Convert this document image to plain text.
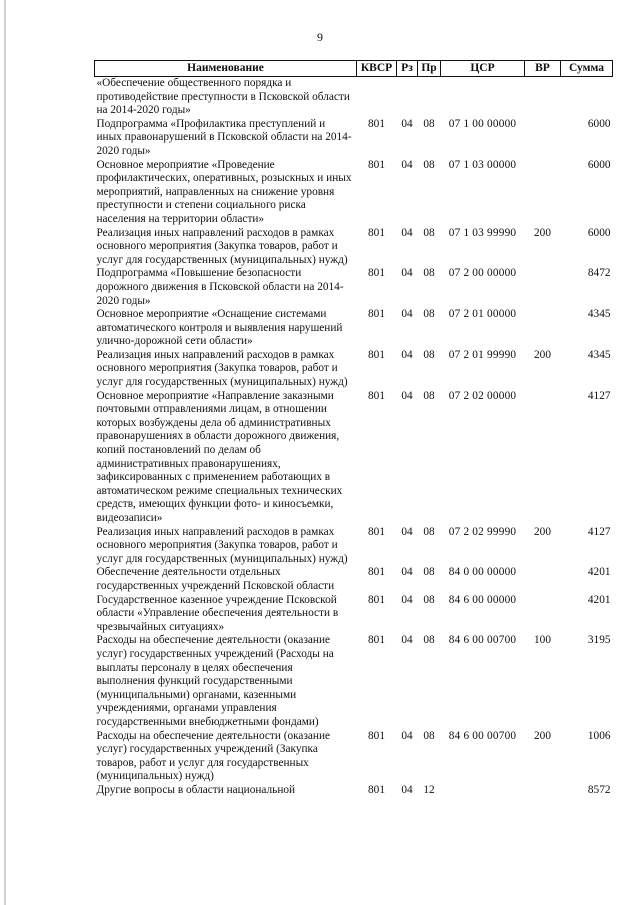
9
Наименование	КВСР	Рз	Пр	ЦСР	ВР	Сумма
«Обеспечение общественного порядка и противодействие преступности в Псковской области на 2014-2020 годы»						
Подпрограмма «Профилактика преступлений и иных правонарушений в Псковской области на 2014-2020 годы»	801	04	08	07 1 00 00000		6000
Основное мероприятие «Проведение профилактических, оперативных, розыскных и иных мероприятий, направленных на снижение уровня преступности и степени социального риска населения на территории области»	801	04	08	07 1 03 00000		6000
Реализация иных направлений расходов в рамках основного мероприятия (Закупка товаров, работ и услуг для государственных (муниципальных) нужд)	801	04	08	07 1 03 99990	200	6000
Подпрограмма «Повышение безопасности дорожного движения в Псковской области на 2014-2020 годы»	801	04	08	07 2 00 00000		8472
Основное мероприятие «Оснащение системами автоматического контроля и выявления нарушений улично-дорожной сети области»	801	04	08	07 2 01 00000		4345
Реализация иных направлений расходов в рамках основного мероприятия (Закупка товаров, работ и услуг для государственных (муниципальных) нужд)	801	04	08	07 2 01 99990	200	4345
Основное мероприятие «Направление заказными почтовыми отправлениями лицам, в отношении которых возбуждены дела об административных правонарушениях в области дорожного движения, копий постановлений по делам об административных правонарушениях, зафиксированных с применением работающих в автоматическом режиме специальных технических средств, имеющих функции фото- и киносъемки, видеозаписи»	801	04	08	07 2 02 00000		4127
Реализация иных направлений расходов в рамках основного мероприятия (Закупка товаров, работ и услуг для государственных (муниципальных) нужд)	801	04	08	07 2 02 99990	200	4127
Обеспечение деятельности отдельных государственных учреждений Псковской области	801	04	08	84 0 00 00000		4201
Государственное казенное учреждение Псковской области «Управление обеспечения деятельности в чрезвычайных ситуациях»	801	04	08	84 6 00 00000		4201
Расходы на обеспечение деятельности (оказание услуг) государственных учреждений (Расходы на выплаты персоналу в целях обеспечения выполнения функций государственными (муниципальными) органами, казенными учреждениями, органами управления государственными внебюджетными фондами)	801	04	08	84 6 00 00700	100	3195
Расходы на обеспечение деятельности (оказание услуг) государственных учреждений (Закупка товаров, работ и услуг для государственных (муниципальных) нужд)	801	04	08	84 6 00 00700	200	1006
Другие вопросы в области национальной	801	04	12			8572
